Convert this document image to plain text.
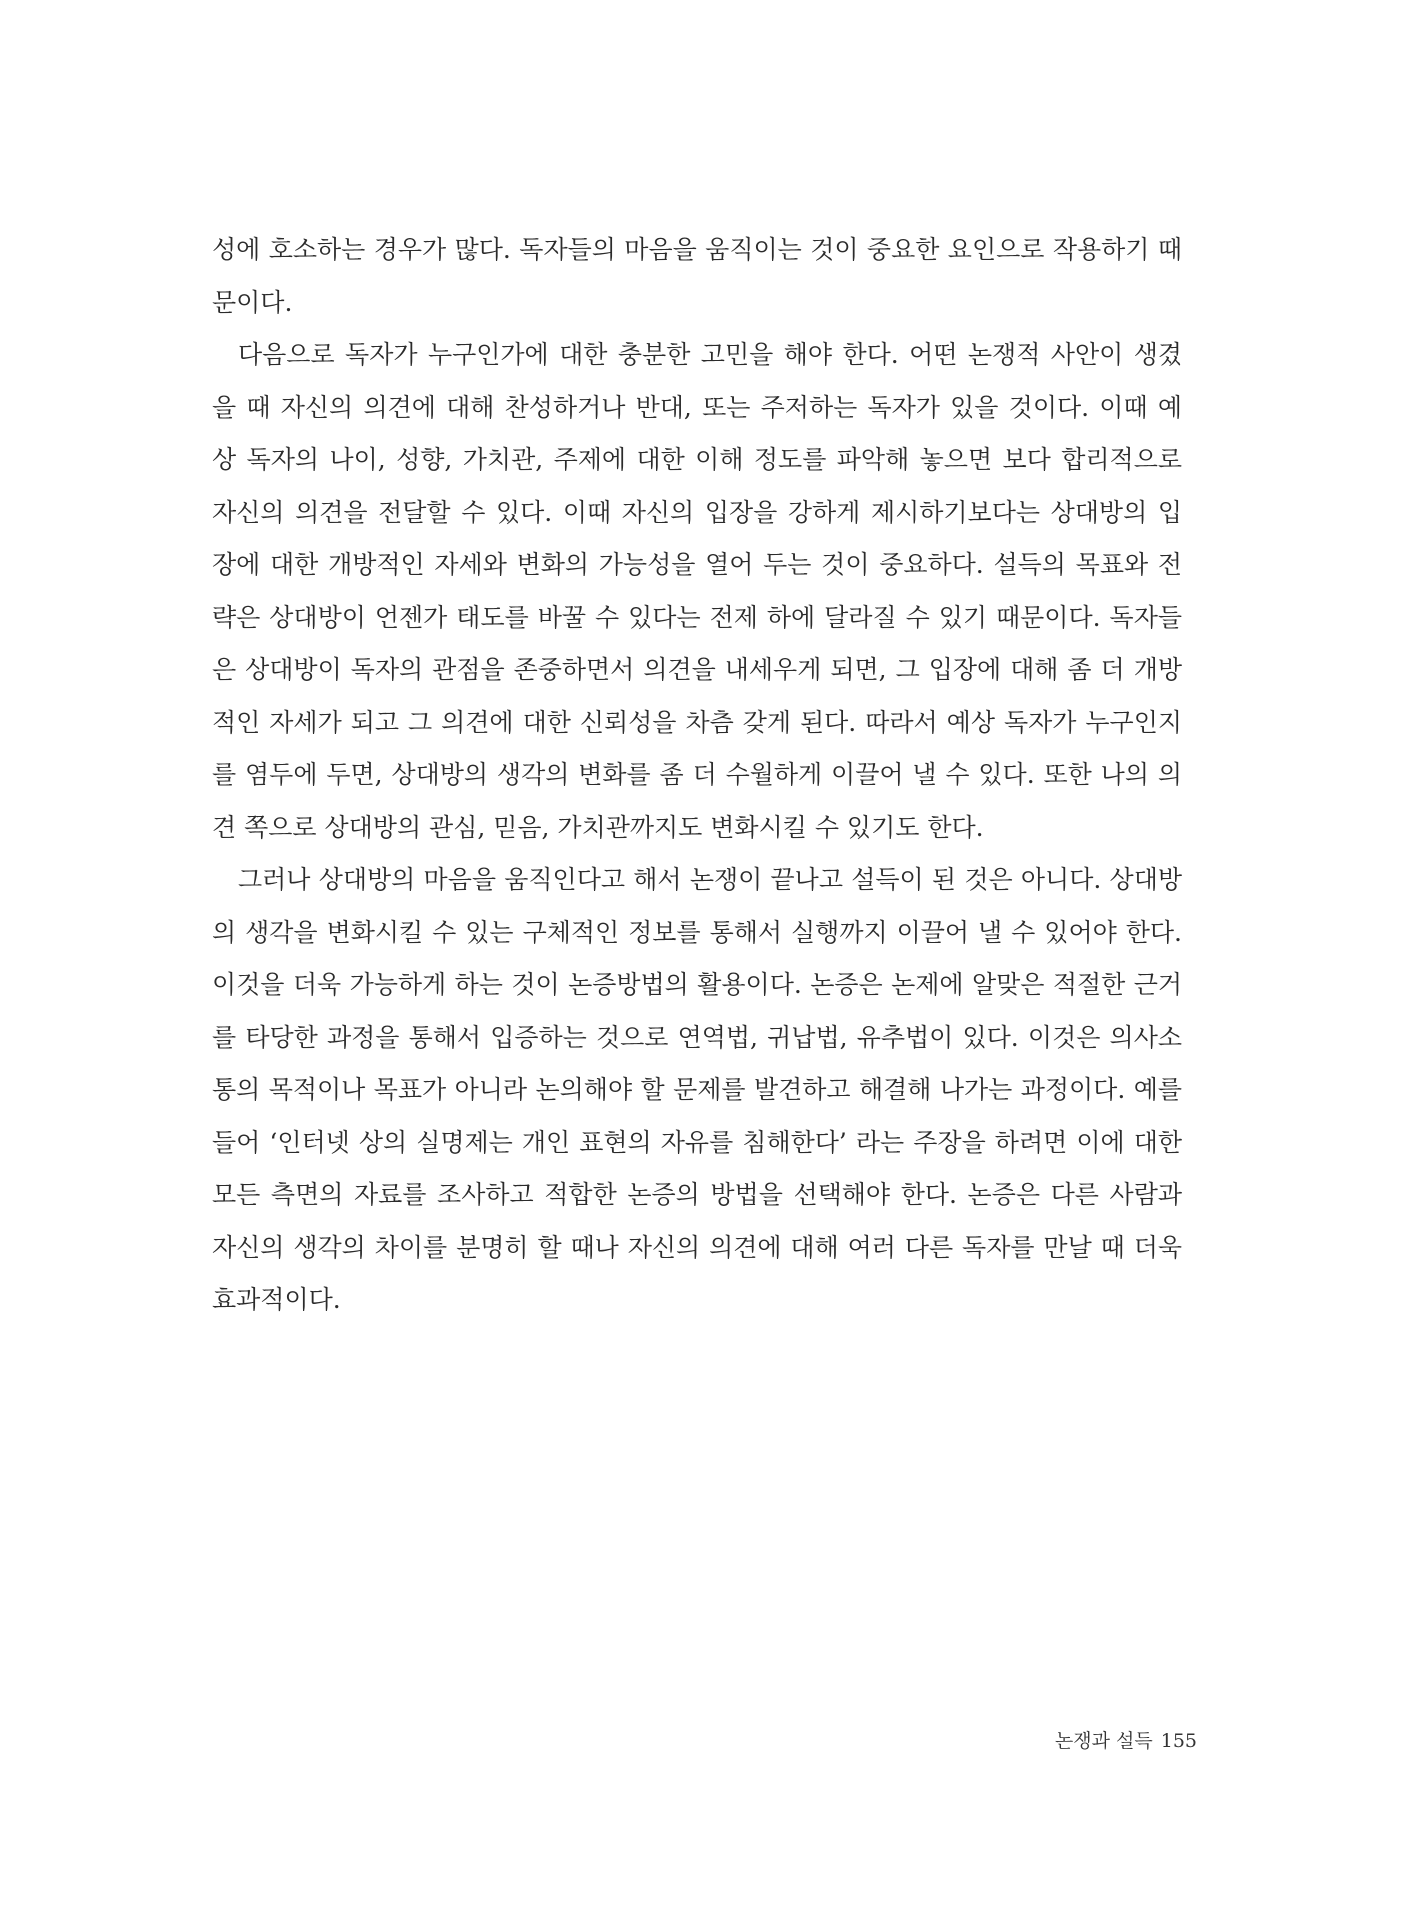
성에 호소하는 경우가 많다. 독자들의 마음을 움직이는 것이 중요한 요인으로 작용하기 때
문이다.
다음으로 독자가 누구인가에 대한 충분한 고민을 해야 한다. 어떤 논쟁적 사안이 생겼
을 때 자신의 의견에 대해 찬성하거나 반대, 또는 주저하는 독자가 있을 것이다. 이때 예
상 독자의 나이, 성향, 가치관, 주제에 대한 이해 정도를 파악해 놓으면 보다 합리적으로
자신의 의견을 전달할 수 있다. 이때 자신의 입장을 강하게 제시하기보다는 상대방의 입
장에 대한 개방적인 자세와 변화의 가능성을 열어 두는 것이 중요하다. 설득의 목표와 전
략은 상대방이 언젠가 태도를 바꿀 수 있다는 전제 하에 달라질 수 있기 때문이다. 독자들
은 상대방이 독자의 관점을 존중하면서 의견을 내세우게 되면, 그 입장에 대해 좀 더 개방
적인 자세가 되고 그 의견에 대한 신뢰성을 차츰 갖게 된다. 따라서 예상 독자가 누구인지
를 염두에 두면, 상대방의 생각의 변화를 좀 더 수월하게 이끌어 낼 수 있다. 또한 나의 의
견 쪽으로 상대방의 관심, 믿음, 가치관까지도 변화시킬 수 있기도 한다.
그러나 상대방의 마음을 움직인다고 해서 논쟁이 끝나고 설득이 된 것은 아니다. 상대방
의 생각을 변화시킬 수 있는 구체적인 정보를 통해서 실행까지 이끌어 낼 수 있어야 한다.
이것을 더욱 가능하게 하는 것이 논증방법의 활용이다. 논증은 논제에 알맞은 적절한 근거
를 타당한 과정을 통해서 입증하는 것으로 연역법, 귀납법, 유추법이 있다. 이것은 의사소
통의 목적이나 목표가 아니라 논의해야 할 문제를 발견하고 해결해 나가는 과정이다. 예를
들어 ‘인터넷 상의 실명제는 개인 표현의 자유를 침해한다’ 라는 주장을 하려면 이에 대한
모든 측면의 자료를 조사하고 적합한 논증의 방법을 선택해야 한다. 논증은 다른 사람과
자신의 생각의 차이를 분명히 할 때나 자신의 의견에 대해 여러 다른 독자를 만날 때 더욱
효과적이다.
논쟁과 설득 155
